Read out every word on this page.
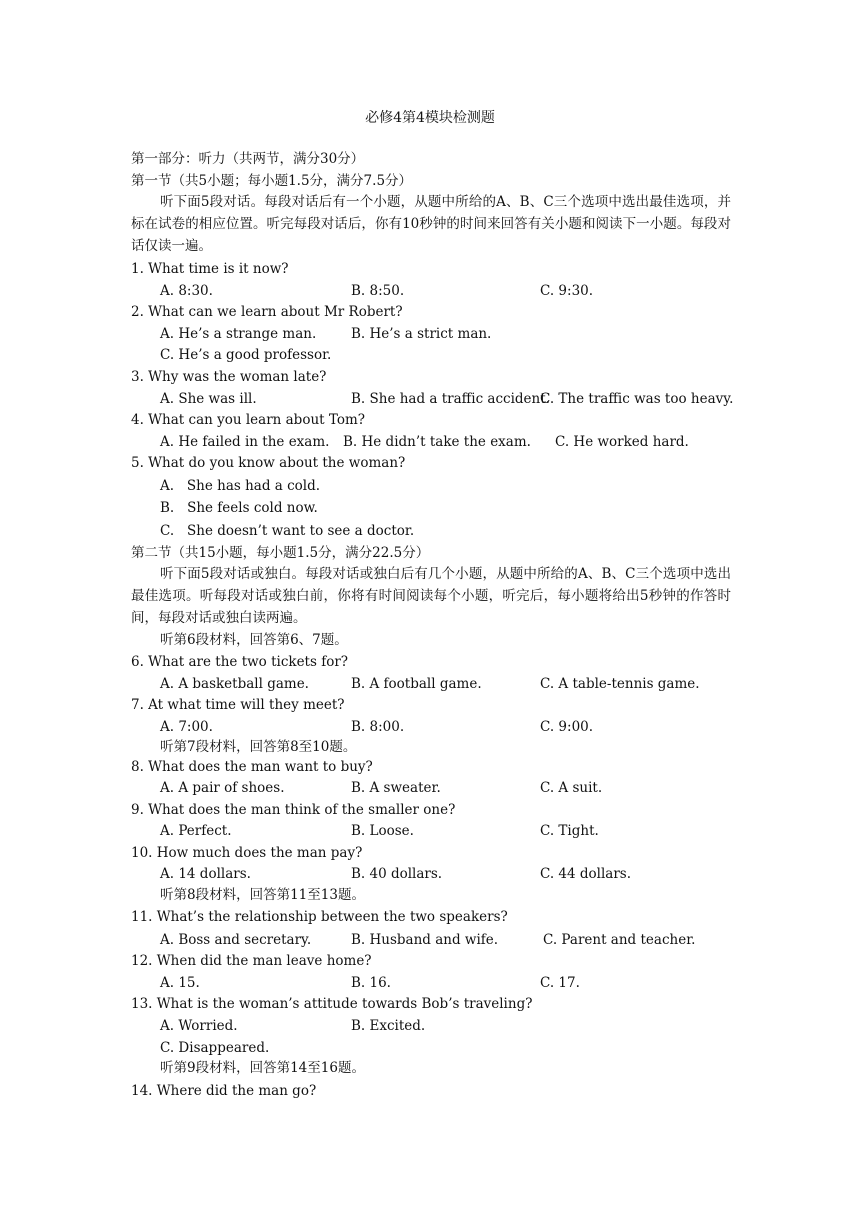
必修4第4模块检测题
第一部分：听力（共两节，满分30分）
第一节（共5小题；每小题1.5分，满分7.5分）
听下面5段对话。每段对话后有一个小题，从题中所给的A、B、C三个选项中选出最佳选项，并标在试卷的相应位置。听完每段对话后，你有10秒钟的时间来回答有关小题和阅读下一小题。每段对话仅读一遍。
1. What time is it now?
A. 8:30.	B. 8:50.	C. 9:30.
2. What can we learn about Mr Robert?
A. He’s a strange man.	B. He’s a strict man.
C. He’s a good professor.
3. Why was the woman late?
A. She was ill.	B. She had a traffic accident.
C. The traffic was too heavy.
4. What can you learn about Tom?
A. He failed in the exam. B. He didn’t take the exam. C. He worked hard.
5. What do you know about the woman?
A.   She has had a cold.
B.   She feels cold now.
C.   She doesn’t want to see a doctor.
第二节（共15小题，每小题1.5分，满分22.5分）
听下面5段对话或独白。每段对话或独白后有几个小题，从题中所给的A、B、C三个选项中选出最佳选项。听每段对话或独白前，你将有时间阅读每个小题，听完后，每小题将给出5秒钟的作答时间，每段对话或独白读两遍。
听第6段材料，回答第6、7题。
6. What are the two tickets for?
A. A basketball game.	B. A football game.	C. A table-tennis game.
7. At what time will they meet?
A. 7:00.	B. 8:00.	C. 9:00.
听第7段材料，回答第8至10题。
8. What does the man want to buy?
A. A pair of shoes.	B. A sweater.	C. A suit.
9. What does the man think of the smaller one?
A. Perfect.	B. Loose.	C. Tight.
10. How much does the man pay?
A. 14 dollars.	B. 40 dollars.	C. 44 dollars.
听第8段材料，回答第11至13题。
11. What’s the relationship between the two speakers?
A. Boss and secretary.	B. Husband and wife.	C. Parent and teacher.
12. When did the man leave home?
A. 15.	B. 16.	C. 17.
13. What is the woman’s attitude towards Bob’s traveling?
A. Worried.	B. Excited.
C. Disappeared.
听第9段材料，回答第14至16题。
14. Where did the man go?
